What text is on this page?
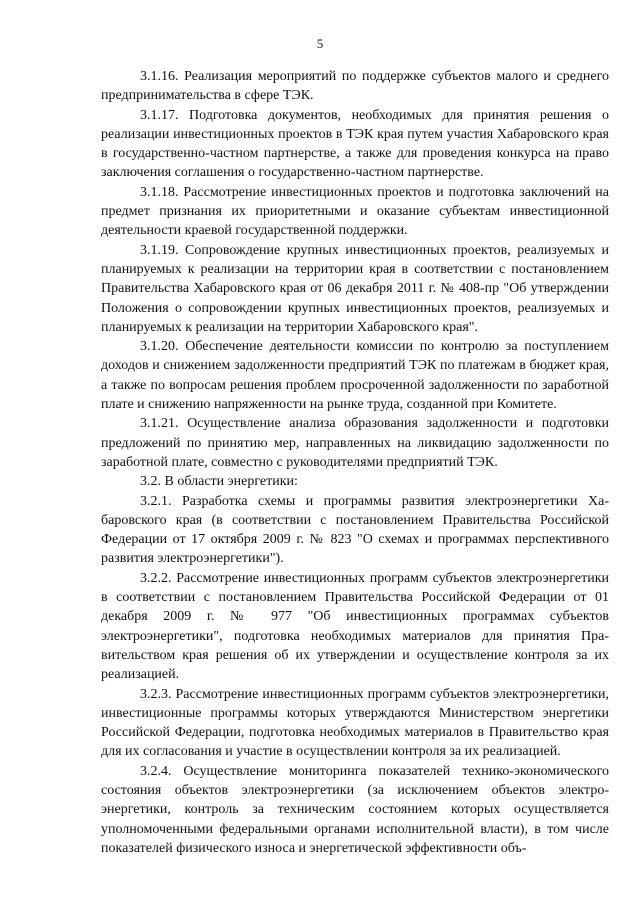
5

3.1.16. Реализация мероприятий по поддержке субъектов малого и среднего предпринимательства в сфере ТЭК.

3.1.17. Подготовка документов, необходимых для принятия решения о реализации инвестиционных проектов в ТЭК края путем участия Хабаровского края в государственно-частном партнерстве, а также для проведения конкурса на право заключения соглашения о государственно-частном партнерстве.

3.1.18. Рассмотрение инвестиционных проектов и подготовка заключений на предмет признания их приоритетными и оказание субъектам инвестиционной деятельности краевой государственной поддержки.

3.1.19. Сопровождение крупных инвестиционных проектов, реализуемых и планируемых к реализации на территории края в соответствии с постановлением Правительства Хабаровского края от 06 декабря 2011 г. № 408-пр "Об утверждении Положения о сопровождении крупных инвестиционных проектов, реализуемых и планируемых к реализации на территории Хабаровского края".

3.1.20. Обеспечение деятельности комиссии по контролю за поступлением доходов и снижением задолженности предприятий ТЭК по платежам в бюджет края, а также по вопросам решения проблем просроченной задолженности по заработной плате и снижению напряженности на рынке труда, созданной при Комитете.

3.1.21. Осуществление анализа образования задолженности и подготовки предложений по принятию мер, направленных на ликвидацию задолженности по заработной плате, совместно с руководителями предприятий ТЭК.

3.2. В области энергетики:

3.2.1. Разработка схемы и программы развития электроэнергетики Хабаровского края (в соответствии с постановлением Правительства Российской Федерации от 17 октября 2009 г. № 823 "О схемах и программах перспективного развития электроэнергетики").

3.2.2. Рассмотрение инвестиционных программ субъектов электроэнергетики в соответствии с постановлением Правительства Российской Федерации от 01 декабря 2009 г. № 977 "Об инвестиционных программах субъектов электроэнергетики", подготовка необходимых материалов для принятия Правительством края решения об их утверждении и осуществление контроля за их реализацией.

3.2.3. Рассмотрение инвестиционных программ субъектов электроэнергетики, инвестиционные программы которых утверждаются Министерством энергетики Российской Федерации, подготовка необходимых материалов в Правительство края для их согласования и участие в осуществлении контроля за их реализацией.

3.2.4. Осуществление мониторинга показателей технико-экономического состояния объектов электроэнергетики (за исключением объектов электроэнергетики, контроль за техническим состоянием которых осуществляется уполномоченными федеральными органами исполнительной власти), в том числе показателей физического износа и энергетической эффективности объ-
